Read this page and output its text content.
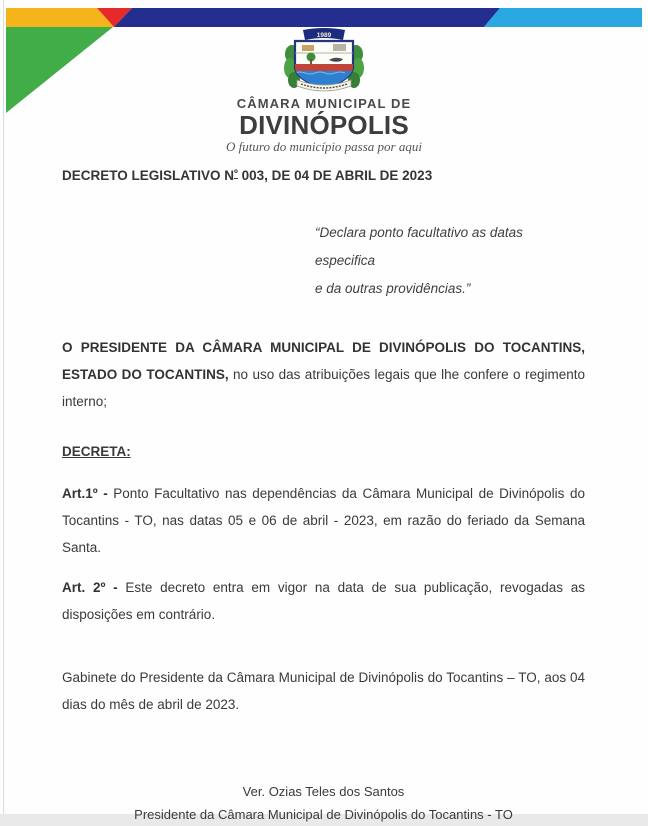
1989
CÂMARA MUNICIPAL DE
DIVINÓPOLIS
O futuro do município passa por aqui
DECRETO LEGISLATIVO $N^º$ 003, DE 04 DE ABRIL DE 2023
“Declara ponto facultativo as datas especifica
e da outras providências.”

O PRESIDENTE DA CÂMARA MUNICIPAL DE DIVINÓPOLIS DO TOCANTINS, ESTADO DO TOCANTINS, no uso das atribuições legais que lhe confere o regimento interno;

DECRETA:

Art.1º - Ponto Facultativo nas dependências da Câmara Municipal de Divinópolis do Tocantins - TO, nas datas 05 e 06 de abril - 2023, em razão do feriado da Semana Santa.

Art. 2º - Este decreto entra em vigor na data de sua publicação, revogadas as disposições em contrário.

Gabinete do Presidente da Câmara Municipal de Divinópolis do Tocantins – TO, aos 04 dias do mês de abril de 2023.

Ver. Ozias Teles dos Santos
Presidente da Câmara Municipal de Divinópolis do Tocantins - TO
